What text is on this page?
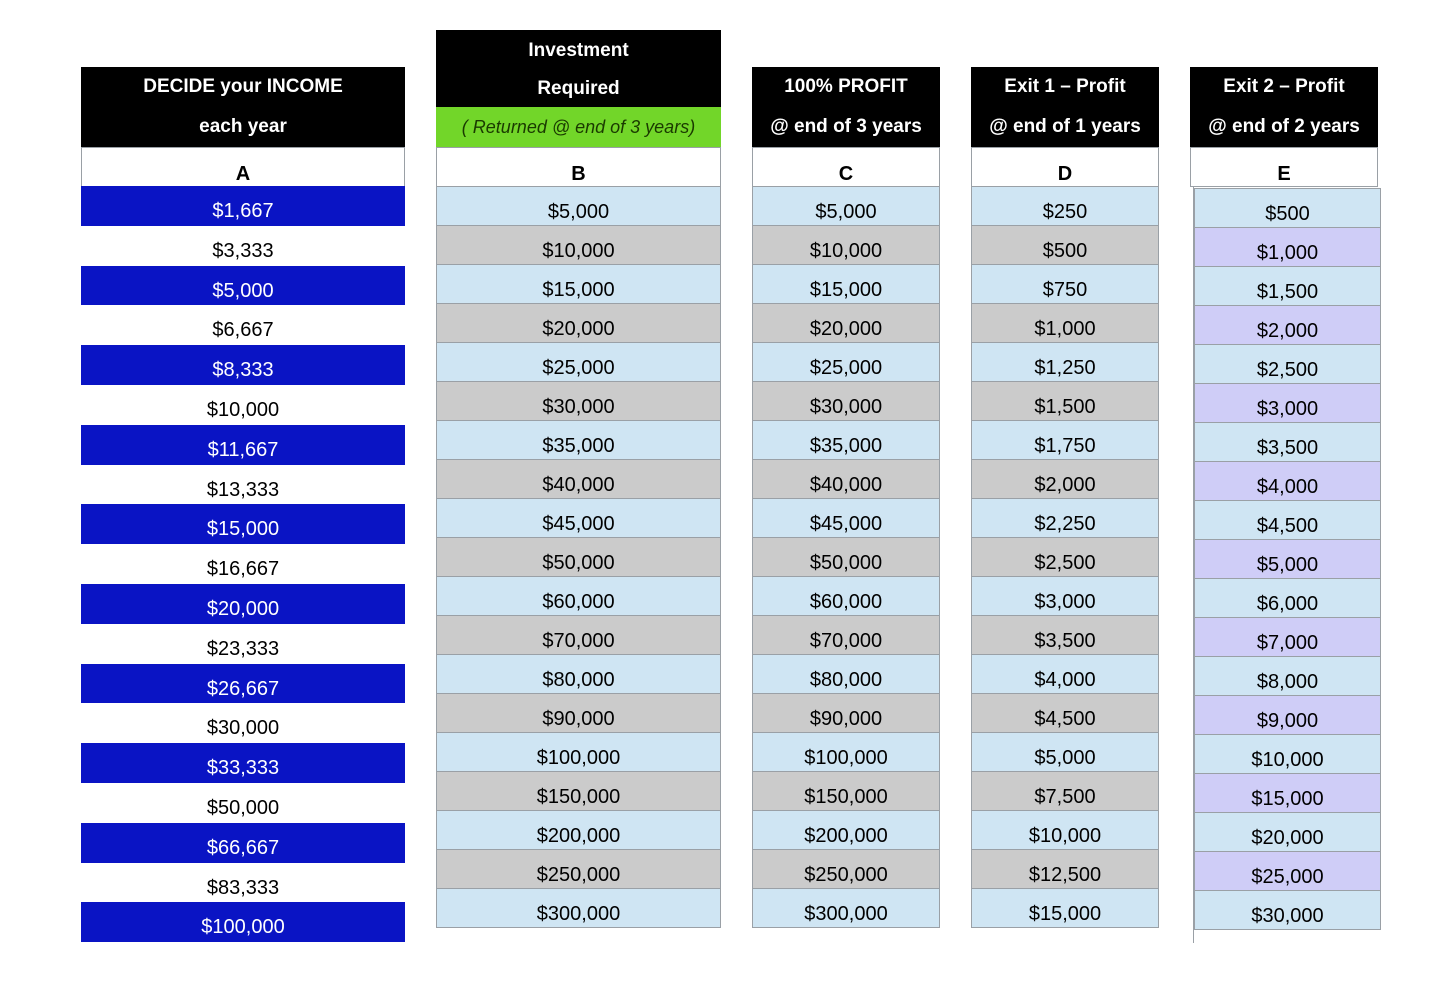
DECIDE your INCOME
each year
A
$1,667
$3,333
$5,000
$6,667
$8,333
$10,000
$11,667
$13,333
$15,000
$16,667
$20,000
$23,333
$26,667
$30,000
$33,333
$50,000
$66,667
$83,333
$100,000
Investment
Required
( Returned @ end of 3 years)
B
$5,000
$10,000
$15,000
$20,000
$25,000
$30,000
$35,000
$40,000
$45,000
$50,000
$60,000
$70,000
$80,000
$90,000
$100,000
$150,000
$200,000
$250,000
$300,000
100% PROFIT
@ end of 3 years
C
$5,000
$10,000
$15,000
$20,000
$25,000
$30,000
$35,000
$40,000
$45,000
$50,000
$60,000
$70,000
$80,000
$90,000
$100,000
$150,000
$200,000
$250,000
$300,000
Exit 1 – Profit
@ end of 1 years
D
$250
$500
$750
$1,000
$1,250
$1,500
$1,750
$2,000
$2,250
$2,500
$3,000
$3,500
$4,000
$4,500
$5,000
$7,500
$10,000
$12,500
$15,000
Exit 2 – Profit
@ end of 2 years
E
$500
$1,000
$1,500
$2,000
$2,500
$3,000
$3,500
$4,000
$4,500
$5,000
$6,000
$7,000
$8,000
$9,000
$10,000
$15,000
$20,000
$25,000
$30,000
